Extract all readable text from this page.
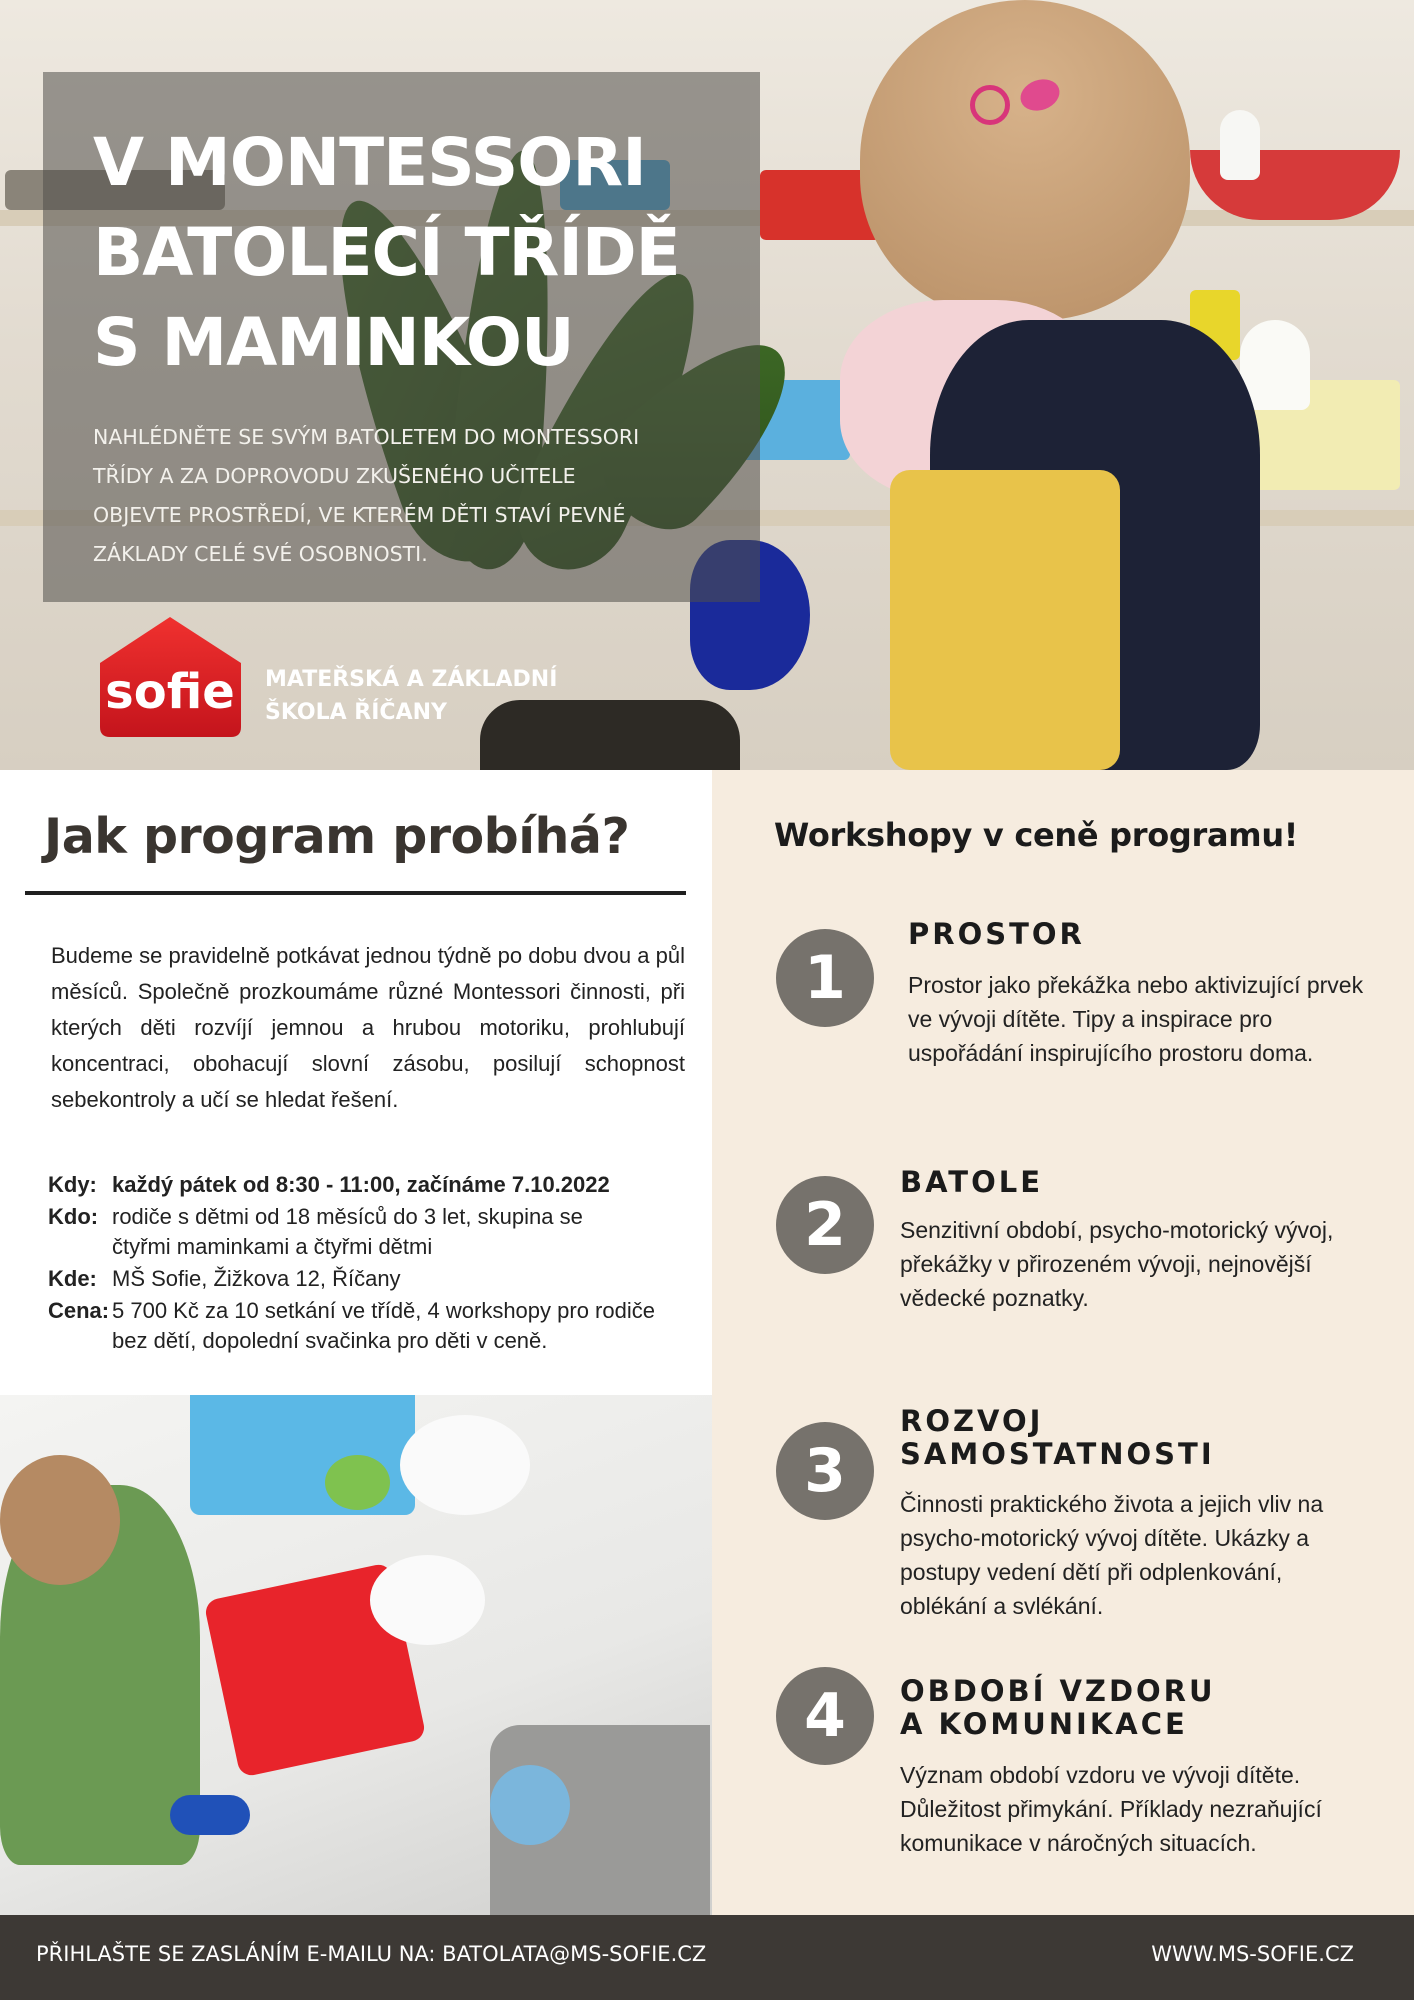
V MONTESSORI
BATOLECÍ TŘÍDĚ
S MAMINKOU
NAHLÉDNĚTE SE SVÝM BATOLETEM DO MONTESSORI
TŘÍDY A ZA DOPROVODU ZKUŠENÉHO UČITELE
OBJEVTE PROSTŘEDÍ, VE KTERÉM DĚTI STAVÍ PEVNÉ
ZÁKLADY CELÉ SVÉ OSOBNOSTI.
sofie MATEŘSKÁ A ZÁKLADNÍ
ŠKOLA ŘÍČANY
Jak program probíhá?
Budeme se pravidelně potkávat jednou týdně po dobu dvou a půl měsíců. Společně prozkoumáme různé Montessori činnosti, při kterých děti rozvíjí jemnou a hrubou motoriku, prohlubují koncentraci, obohacují slovní zásobu, posilují schopnost sebekontroly a učí se hledat řešení.
Kdy: každý pátek od 8:30 - 11:00, začínáme 7.10.2022
Kdo: rodiče s dětmi od 18 měsíců do 3 let, skupina se čtyřmi maminkami a čtyřmi dětmi
Kde: MŠ Sofie, Žižkova 12, Říčany
Cena: 5 700 Kč za 10 setkání ve třídě, 4 workshopy pro rodiče bez dětí, dopolední svačinka pro děti v ceně.
Workshopy v ceně programu!
1
PROSTOR
Prostor jako překážka nebo aktivizující prvek ve vývoji dítěte. Tipy a inspirace pro uspořádání inspirujícího prostoru doma.
2
BATOLE
Senzitivní období, psycho-motorický vývoj, překážky v přirozeném vývoji, nejnovější vědecké poznatky.
3
ROZVOJ
SAMOSTATNOSTI
Činnosti praktického života a jejich vliv na psycho-motorický vývoj dítěte. Ukázky a postupy vedení dětí při odplenkování, oblékání a svlékání.
4	OBDOBÍ VZDORU
A KOMUNIKACE
Význam období vzdoru ve vývoji dítěte. Důležitost přimykání. Příklady nezraňující komunikace v náročných situacích.
PŘIHLAŠTE SE ZASLÁNÍM E-MAILU NA: BATOLATA@MS-SOFIE.CZ	WWW.MS-SOFIE.CZ
